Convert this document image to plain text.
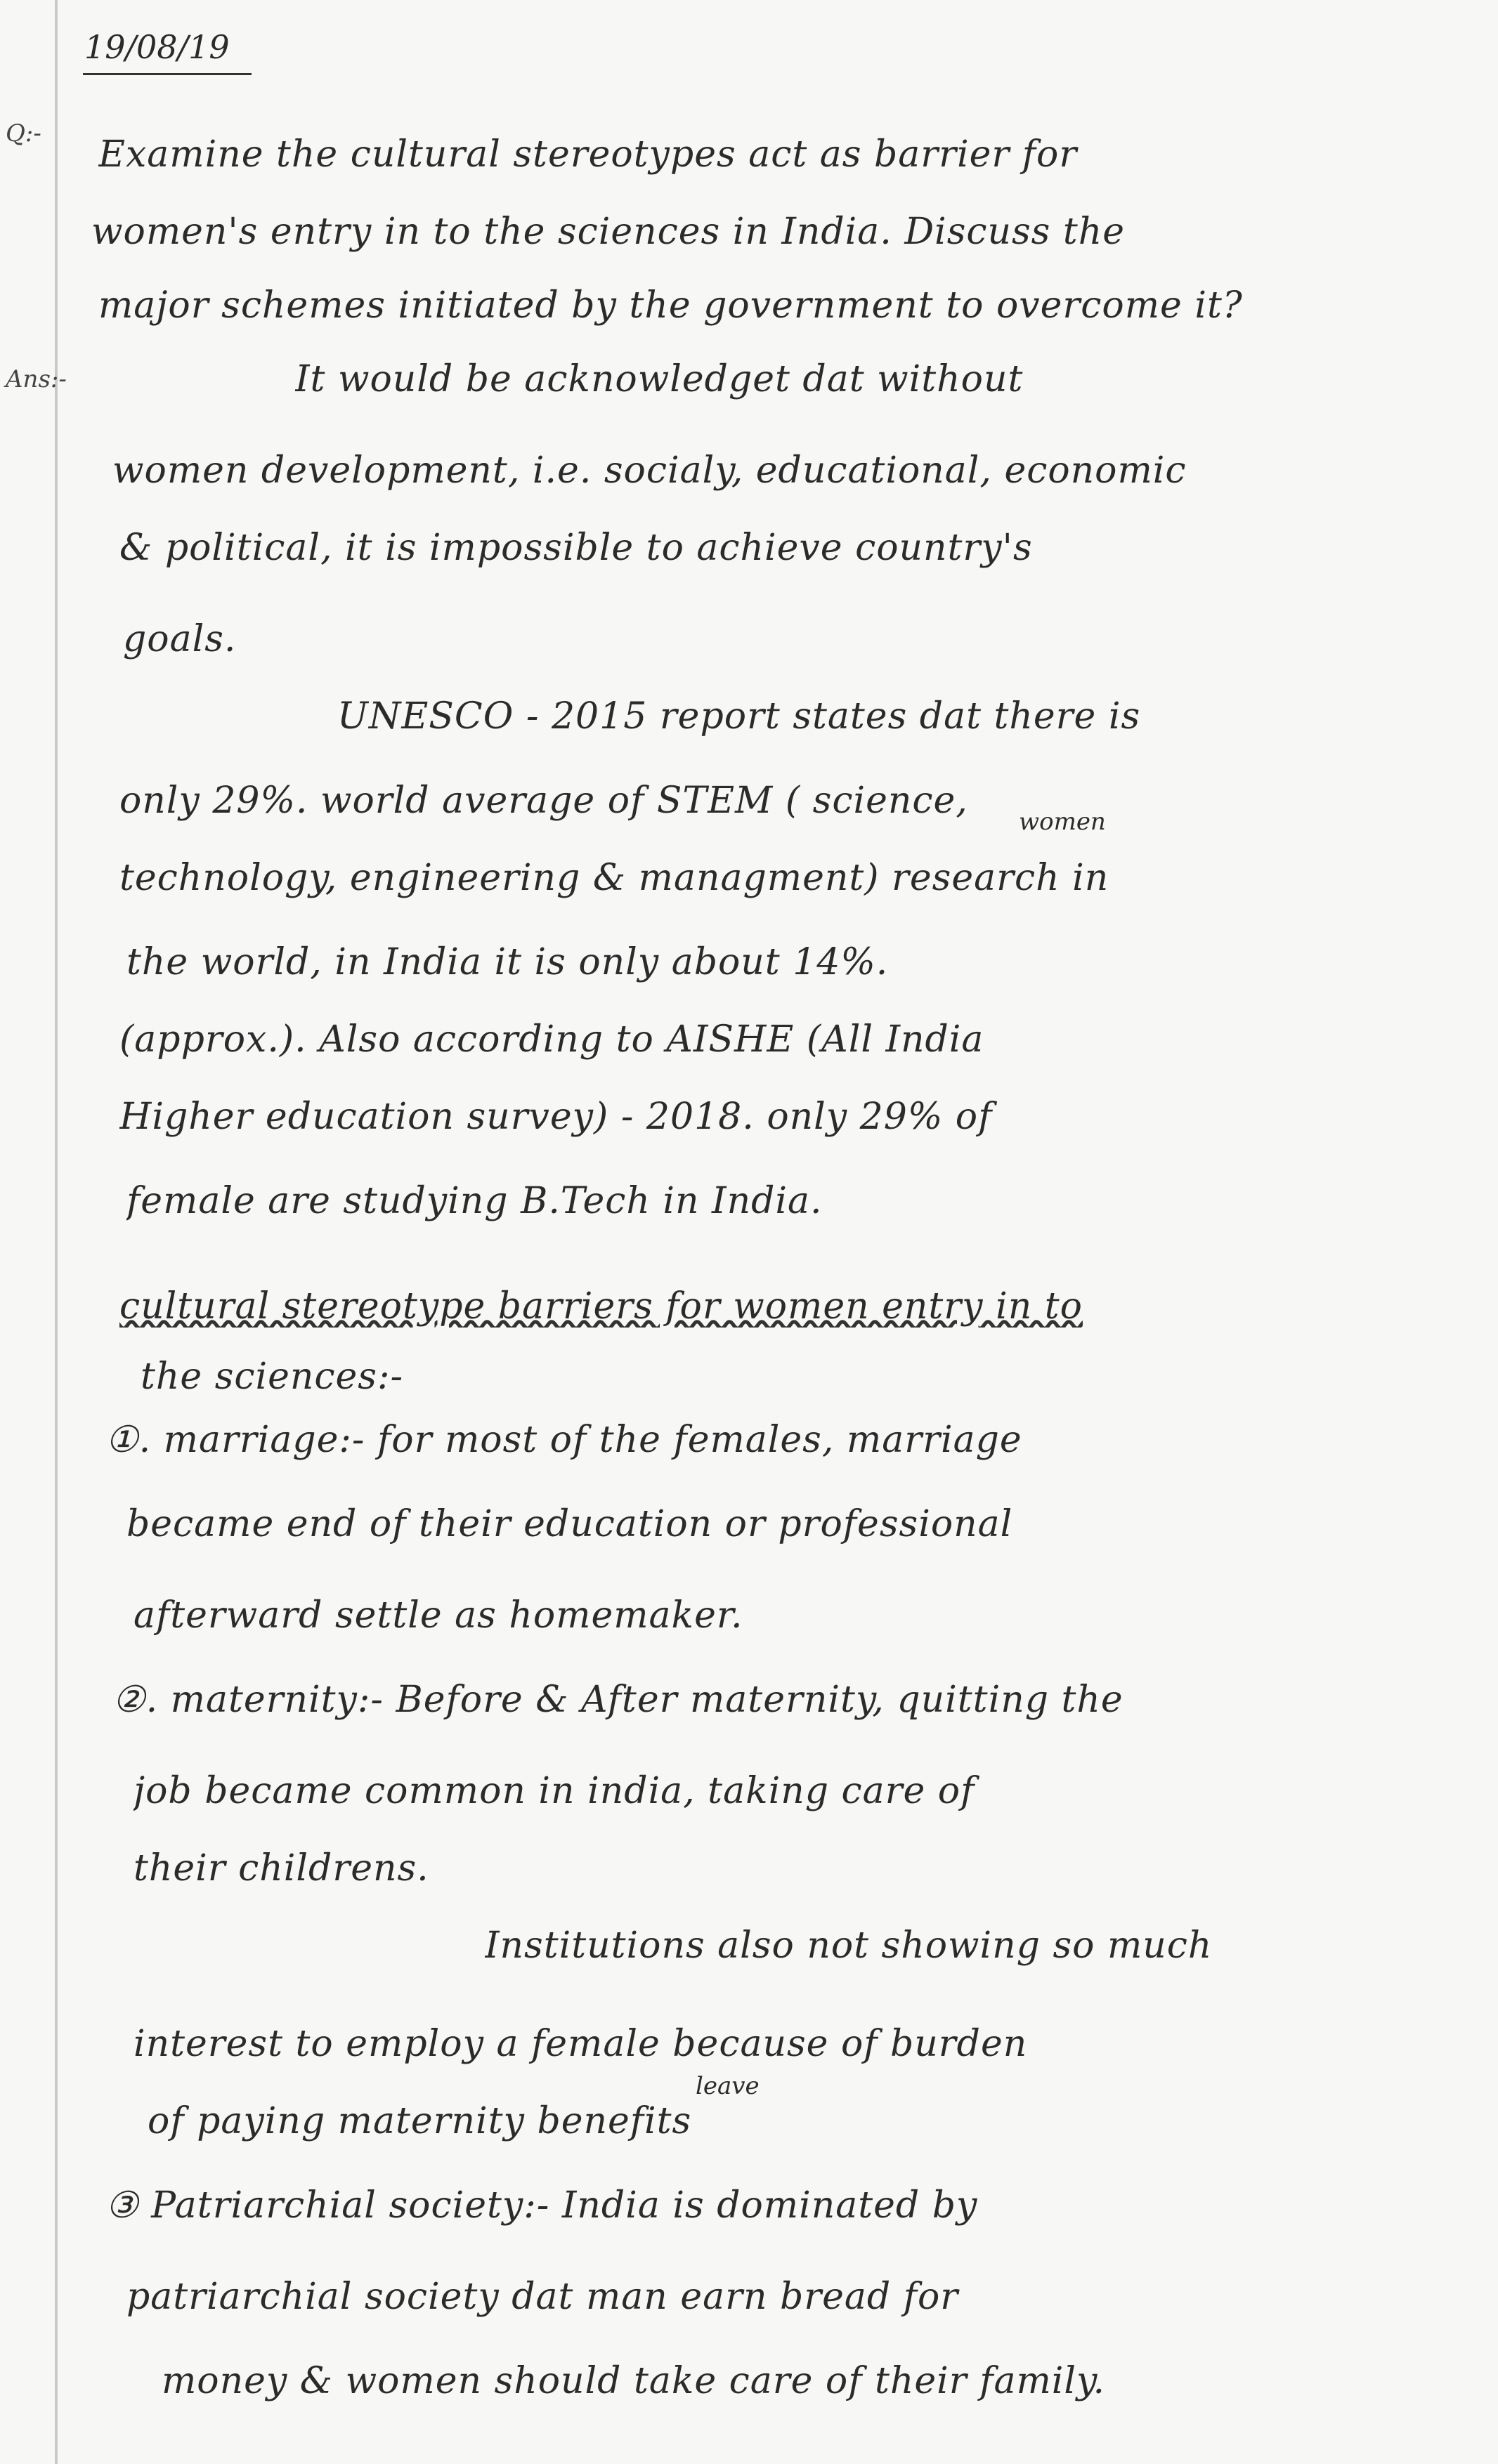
Q:-
Ans:-
19/08/19
Examine the cultural stereotypes act as barrier for
women's entry in to the sciences in India. Discuss the
major schemes initiated by the government to overcome it?
It would be acknowledget dat without
women development, i.e. socialy, educational, economic
& political, it is impossible to achieve country's
goals.
UNESCO - 2015 report states dat there is
only 29%. world average of STEM ( science,	women
technology, engineering & managment) research in
the world, in India it is only about 14%.
(approx.). Also according to AISHE (All India
Higher education survey) - 2018. only 29% of
female are studying B.Tech in India.
cultural stereotype barriers for women entry in to
the sciences:-
①. marriage:- for most of the females, marriage
became end of their education or professional
afterward settle as homemaker.
②. maternity:- Before & After maternity, quitting the
job became common in india, taking care of
their childrens.
Institutions also not showing so much
interest to employ a female because of burden
leave
of paying maternity benefits
③ Patriarchial society:- India is dominated by
patriarchial society dat man earn bread for
money & women should take care of their family.
